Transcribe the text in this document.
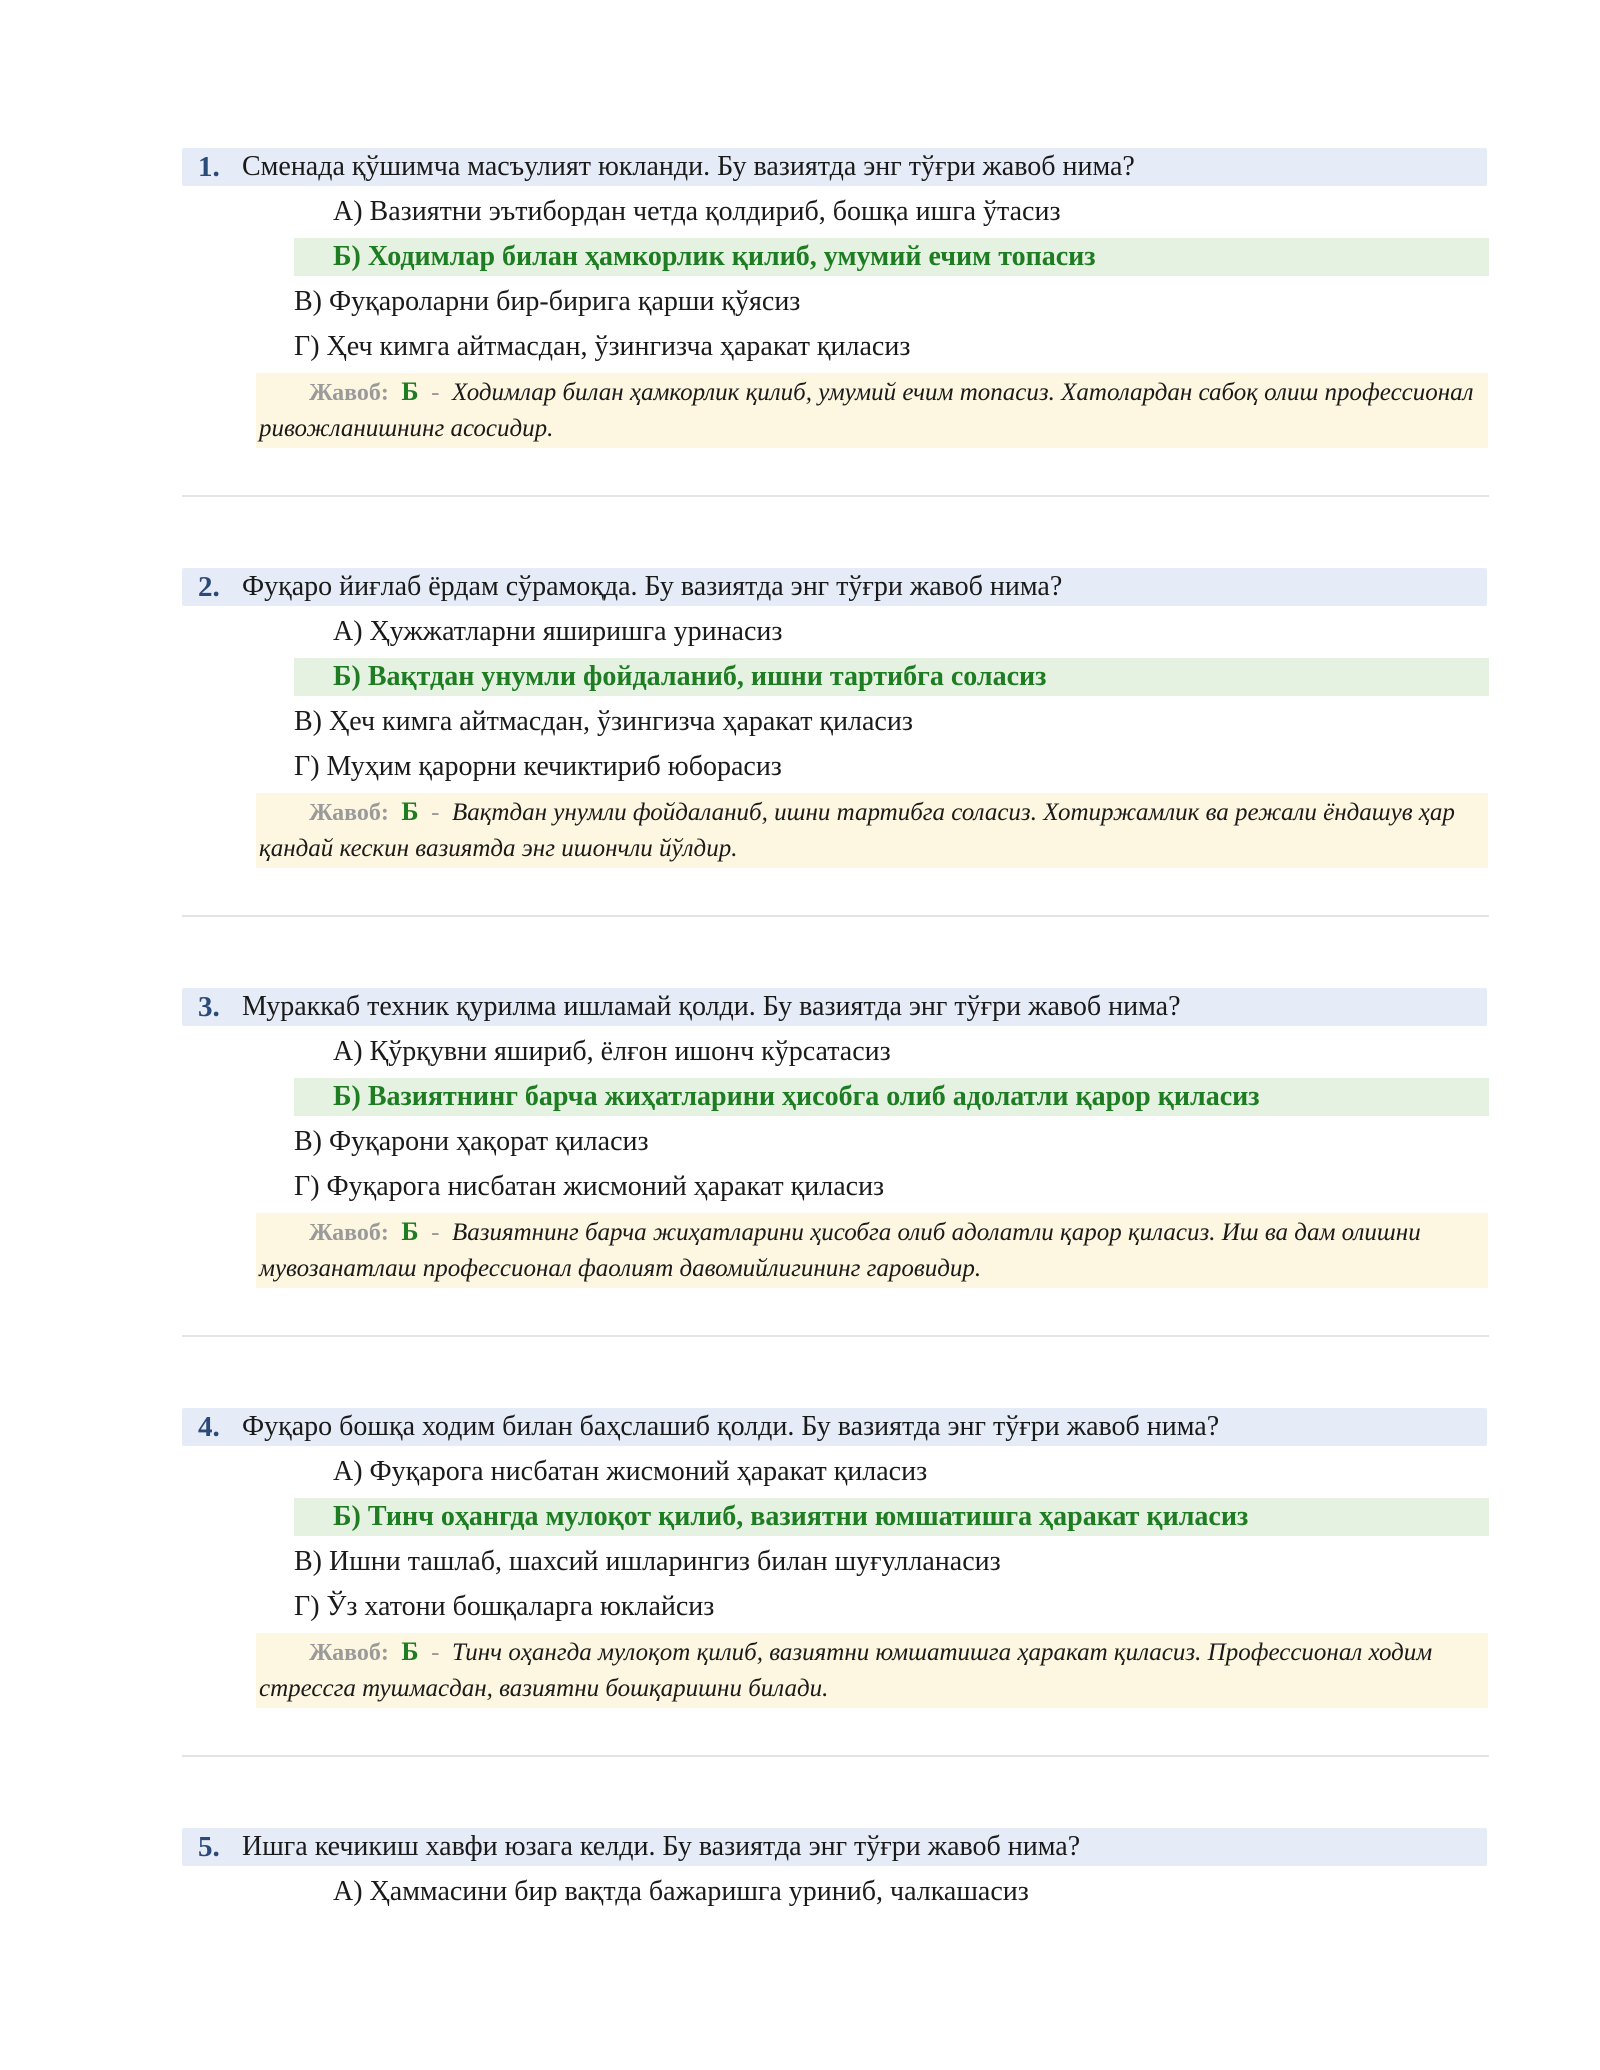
1. Сменада қўшимча масъулият юкланди. Бу вазиятда энг тўғри жавоб нима?
А) Вазиятни эътибордан четда қолдириб, бошқа ишга ўтасиз
Б) Ходимлар билан ҳамкорлик қилиб, умумий ечим топасиз
В) Фуқароларни бир-бирига қарши қўясиз
Г) Ҳеч кимга айтмасдан, ўзингизча ҳаракат қиласиз
Жавоб: Б - Ходимлар билан ҳамкорлик қилиб, умумий ечим топасиз. Хатолардан сабоқ олиш профессионал ривожланишнинг асосидир.
2. Фуқаро йиғлаб ёрдам сўрамоқда. Бу вазиятда энг тўғри жавоб нима?
А) Ҳужжатларни яширишга уринасиз
Б) Вақтдан унумли фойдаланиб, ишни тартибга соласиз
В) Ҳеч кимга айтмасдан, ўзингизча ҳаракат қиласиз
Г) Муҳим қарорни кечиктириб юборасиз
Жавоб: Б - Вақтдан унумли фойдаланиб, ишни тартибга соласиз. Хотиржамлик ва режали ёндашув ҳар қандай кескин вазиятда энг ишончли йўлдир.
3. Мураккаб техник қурилма ишламай қолди. Бу вазиятда энг тўғри жавоб нима?
А) Қўрқувни яшириб, ёлғон ишонч кўрсатасиз
Б) Вазиятнинг барча жиҳатларини ҳисобга олиб адолатли қарор қиласиз
В) Фуқарони ҳақорат қиласиз
Г) Фуқарога нисбатан жисмоний ҳаракат қиласиз
Жавоб: Б - Вазиятнинг барча жиҳатларини ҳисобга олиб адолатли қарор қиласиз. Иш ва дам олишни мувозанатлаш профессионал фаолият давомийлигининг гаровидир.
4. Фуқаро бошқа ходим билан баҳслашиб қолди. Бу вазиятда энг тўғри жавоб нима?
А) Фуқарога нисбатан жисмоний ҳаракат қиласиз
Б) Тинч оҳангда мулоқот қилиб, вазиятни юмшатишга ҳаракат қиласиз
В) Ишни ташлаб, шахсий ишларингиз билан шуғулланасиз
Г) Ўз хатони бошқаларга юклайсиз
Жавоб: Б - Тинч оҳангда мулоқот қилиб, вазиятни юмшатишга ҳаракат қиласиз. Профессионал ходим стрессга тушмасдан, вазиятни бошқаришни билади.
5. Ишга кечикиш хавфи юзага келди. Бу вазиятда энг тўғри жавоб нима?
А) Ҳаммасини бир вақтда бажаришга уриниб, чалкашасиз
